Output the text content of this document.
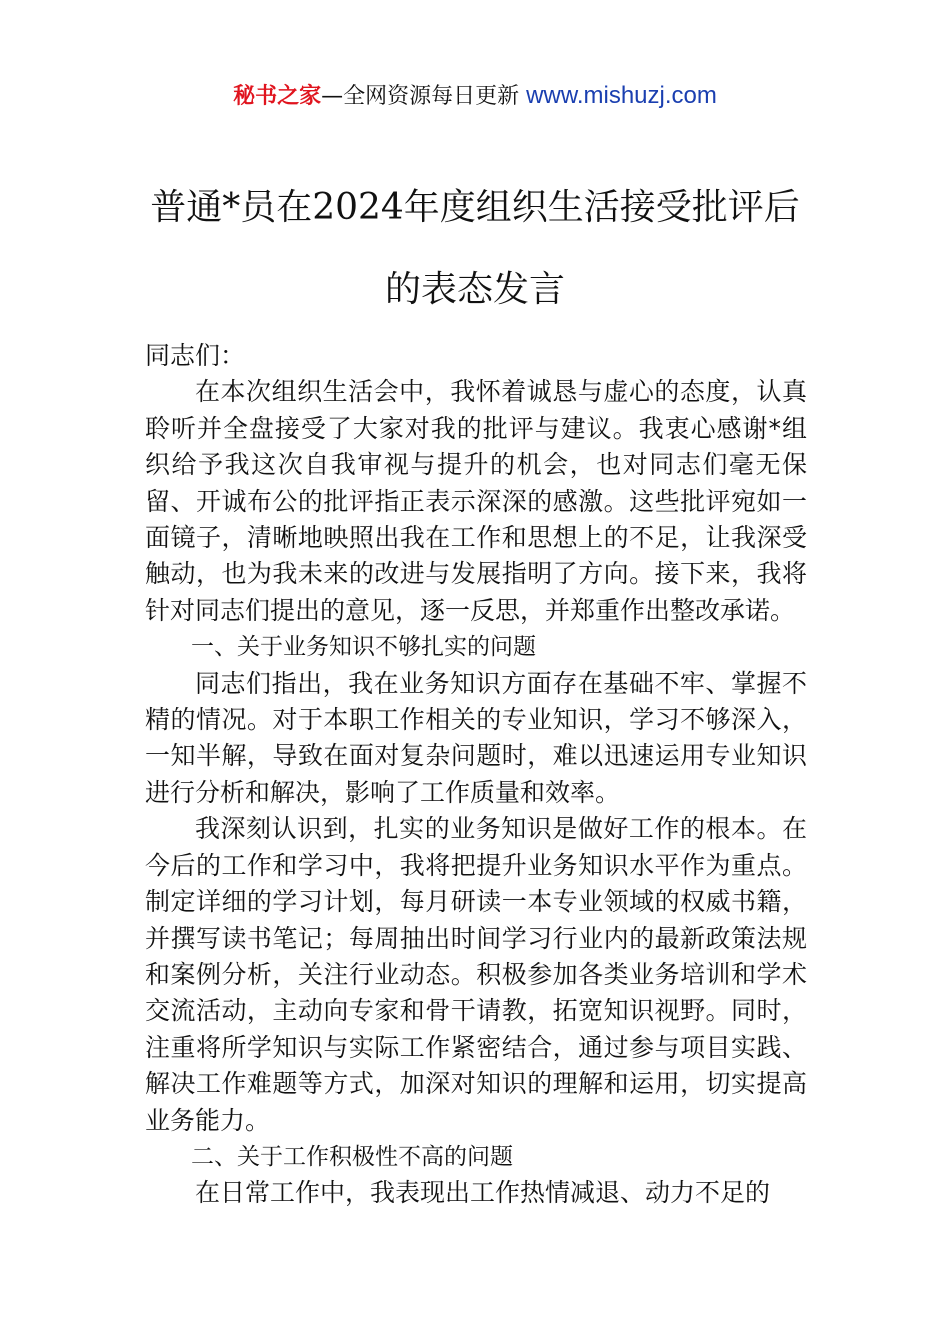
秘书之家—全网资源每日更新 www.mishuzj.com
普通*员在2024年度组织生活接受批评后
的表态发言

同志们：

在本次组织生活会中，我怀着诚恳与虚心的态度，认真聆听并全盘接受了大家对我的批评与建议。我衷心感谢*组织给予我这次自我审视与提升的机会，也对同志们毫无保留、开诚布公的批评指正表示深深的感激。这些批评宛如一面镜子，清晰地映照出我在工作和思想上的不足，让我深受触动，也为我未来的改进与发展指明了方向。接下来，我将针对同志们提出的意见，逐一反思，并郑重作出整改承诺。

一、关于业务知识不够扎实的问题

同志们指出，我在业务知识方面存在基础不牢、掌握不精的情况。对于本职工作相关的专业知识，学习不够深入，一知半解，导致在面对复杂问题时，难以迅速运用专业知识进行分析和解决，影响了工作质量和效率。

我深刻认识到，扎实的业务知识是做好工作的根本。在今后的工作和学习中，我将把提升业务知识水平作为重点。制定详细的学习计划，每月研读一本专业领域的权威书籍，并撰写读书笔记；每周抽出时间学习行业内的最新政策法规和案例分析，关注行业动态。积极参加各类业务培训和学术交流活动，主动向专家和骨干请教，拓宽知识视野。同时，注重将所学知识与实际工作紧密结合，通过参与项目实践、解决工作难题等方式，加深对知识的理解和运用，切实提高业务能力。

二、关于工作积极性不高的问题

在日常工作中，我表现出工作热情减退、动力不足的
